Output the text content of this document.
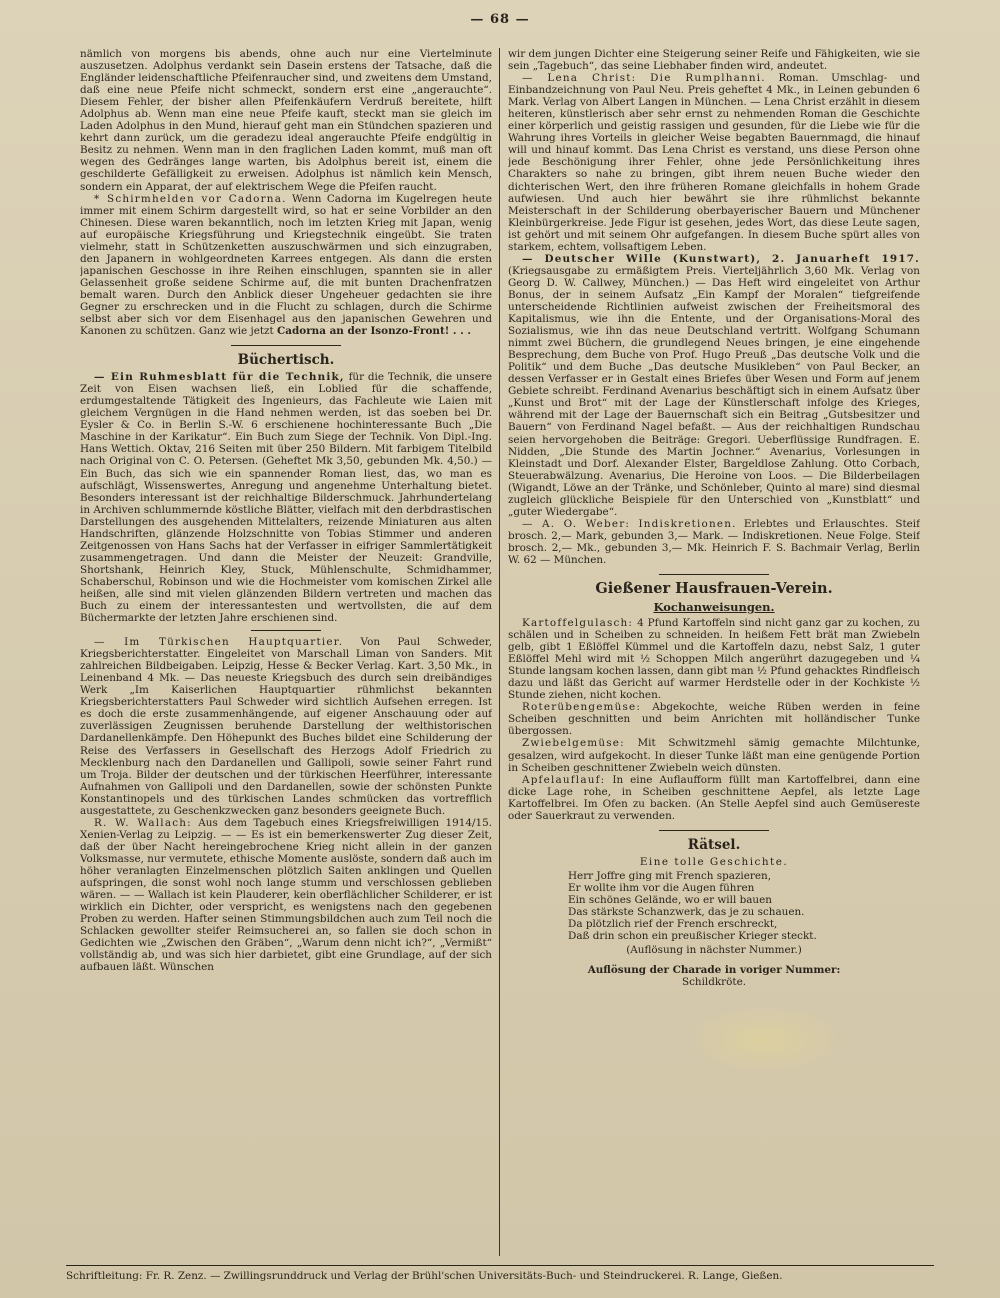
— 68 —

nämlich von morgens bis abends, ohne auch nur eine Viertelminute auszusetzen. Adolphus verdankt sein Dasein erstens der Tatsache, daß die Engländer leidenschaftliche Pfeifenraucher sind, und zweitens dem Umstand, daß eine neue Pfeife nicht schmeckt, sondern erst eine „angerauchte“. Diesem Fehler, der bisher allen Pfeifenkäufern Verdruß bereitete, hilft Adolphus ab. Wenn man eine neue Pfeife kauft, steckt man sie gleich im Laden Adolphus in den Mund, hierauf geht man ein Stündchen spazieren und kehrt dann zurück, um die geradezu ideal angerauchte Pfeife endgültig in Besitz zu nehmen. Wenn man in den fraglichen Laden kommt, muß man oft wegen des Gedränges lange warten, bis Adolphus bereit ist, einem die geschilderte Gefälligkeit zu erweisen. Adolphus ist nämlich kein Mensch, sondern ein Apparat, der auf elektrischem Wege die Pfeifen raucht.

* Schirmhelden vor Cadorna. Wenn Cadorna im Kugelregen heute immer mit einem Schirm dargestellt wird, so hat er seine Vorbilder an den Chinesen. Diese waren bekanntlich, noch im letzten Krieg mit Japan, wenig auf europäische Kriegsführung und Kriegstechnik eingeübt. Sie traten vielmehr, statt in Schützenketten auszuschwärmen und sich einzugraben, den Japanern in wohlgeordneten Karrees entgegen. Als dann die ersten japanischen Geschosse in ihre Reihen einschlugen, spannten sie in aller Gelassenheit große seidene Schirme auf, die mit bunten Drachenfratzen bemalt waren. Durch den Anblick dieser Ungeheuer gedachten sie ihre Gegner zu erschrecken und in die Flucht zu schlagen, durch die Schirme selbst aber sich vor dem Eisenhagel aus den japanischen Gewehren und Kanonen zu schützen. Ganz wie jetzt Cadorna an der Isonzo-Front! . . .

Büchertisch.

— Ein Ruhmesblatt für die Technik, für die Technik, die unsere Zeit von Eisen wachsen ließ, ein Loblied für die schaffende, erdumgestaltende Tätigkeit des Ingenieurs, das Fachleute wie Laien mit gleichem Vergnügen in die Hand nehmen werden, ist das soeben bei Dr. Eysler & Co. in Berlin S.-W. 6 erschienene hochinteressante Buch „Die Maschine in der Karikatur“. Ein Buch zum Siege der Technik. Von Dipl.-Ing. Hans Wettich. Oktav, 216 Seiten mit über 250 Bildern. Mit farbigem Titelbild nach Original von C. O. Petersen. (Geheftet Mk 3,50, gebunden Mk. 4,50.) — Ein Buch, das sich wie ein spannender Roman liest, das, wo man es aufschlägt, Wissenswertes, Anregung und angenehme Unterhaltung bietet. Besonders interessant ist der reichhaltige Bilderschmuck. Jahrhundertelang in Archiven schlummernde köstliche Blätter, vielfach mit den derbdrastischen Darstellungen des ausgehenden Mittelalters, reizende Miniaturen aus alten Handschriften, glänzende Holzschnitte von Tobias Stimmer und anderen Zeitgenossen von Hans Sachs hat der Verfasser in eifriger Sammlertätigkeit zusammengetragen. Und dann die Meister der Neuzeit: Grandville, Shortshank, Heinrich Kley, Stuck, Mühlenschulte, Schmidhammer, Schaberschul, Robinson und wie die Hochmeister vom komischen Zirkel alle heißen, alle sind mit vielen glänzenden Bildern vertreten und machen das Buch zu einem der interessantesten und wertvollsten, die auf dem Büchermarkte der letzten Jahre erschienen sind.

— Im Türkischen Hauptquartier. Von Paul Schweder, Kriegsberichterstatter. Eingeleitet von Marschall Liman von Sanders. Mit zahlreichen Bildbeigaben. Leipzig, Hesse & Becker Verlag. Kart. 3,50 Mk., in Leinenband 4 Mk. — Das neueste Kriegsbuch des durch sein dreibändiges Werk „Im Kaiserlichen Hauptquartier rühmlichst bekannten Kriegsberichterstatters Paul Schweder wird sichtlich Aufsehen erregen. Ist es doch die erste zusammenhängende, auf eigener Anschauung oder auf zuverlässigen Zeugnissen beruhende Darstellung der welthistorischen Dardanellenkämpfe. Den Höhepunkt des Buches bildet eine Schilderung der Reise des Verfassers in Gesellschaft des Herzogs Adolf Friedrich zu Mecklenburg nach den Dardanellen und Gallipoli, sowie seiner Fahrt rund um Troja. Bilder der deutschen und der türkischen Heerführer, interessante Aufnahmen von Gallipoli und den Dardanellen, sowie der schönsten Punkte Konstantinopels und des türkischen Landes schmücken das vortrefflich ausgestattete, zu Geschenkzwecken ganz besonders geeignete Buch.

R. W. Wallach: Aus dem Tagebuch eines Kriegsfreiwilligen 1914/15. Xenien-Verlag zu Leipzig. — — Es ist ein bemerkenswerter Zug dieser Zeit, daß der über Nacht hereingebrochene Krieg nicht allein in der ganzen Volksmasse, nur vermutete, ethische Momente auslöste, sondern daß auch im höher veranlagten Einzelmenschen plötzlich Saiten anklingen und Quellen aufspringen, die sonst wohl noch lange stumm und verschlossen geblieben wären. — — Wallach ist kein Plauderer, kein oberflächlicher Schilderer, er ist wirklich ein Dichter, oder verspricht, es wenigstens nach den gegebenen Proben zu werden. Hafter seinen Stimmungsbildchen auch zum Teil noch die Schlacken gewollter steifer Reimsucherei an, so fallen sie doch schon in Gedichten wie „Zwischen den Gräben“, „Warum denn nicht ich?“, „Vermißt“ vollständig ab, und was sich hier darbietet, gibt eine Grundlage, auf der sich aufbauen läßt. Wünschen

wir dem jungen Dichter eine Steigerung seiner Reife und Fähigkeiten, wie sie sein „Tagebuch“, das seine Liebhaber finden wird, andeutet.

— Lena Christ: Die Rumplhanni. Roman. Umschlag- und Einbandzeichnung von Paul Neu. Preis geheftet 4 Mk., in Leinen gebunden 6 Mark. Verlag von Albert Langen in München. — Lena Christ erzählt in diesem heiteren, künstlerisch aber sehr ernst zu nehmenden Roman die Geschichte einer körperlich und geistig rassigen und gesunden, für die Liebe wie für die Wahrung ihres Vorteils in gleicher Weise begabten Bauernmagd, die hinauf will und hinauf kommt. Das Lena Christ es verstand, uns diese Person ohne jede Beschönigung ihrer Fehler, ohne jede Persönlichkeitung ihres Charakters so nahe zu bringen, gibt ihrem neuen Buche wieder den dichterischen Wert, den ihre früheren Romane gleichfalls in hohem Grade aufwiesen. Und auch hier bewährt sie ihre rühmlichst bekannte Meisterschaft in der Schilderung oberbayerischer Bauern und Münchener Kleinbürgerkreise. Jede Figur ist gesehen, jedes Wort, das diese Leute sagen, ist gehört und mit seinem Ohr aufgefangen. In diesem Buche spürt alles von starkem, echtem, vollsaftigem Leben.

— Deutscher Wille (Kunstwart), 2. Januarheft 1917. (Kriegsausgabe zu ermäßigtem Preis. Vierteljährlich 3,60 Mk. Verlag von Georg D. W. Callwey, München.) — Das Heft wird eingeleitet von Arthur Bonus, der in seinem Aufsatz „Ein Kampf der Moralen“ tiefgreifende unterscheidende Richtlinien aufweist zwischen der Freiheitsmoral des Kapitalismus, wie ihn die Entente, und der Organisations-Moral des Sozialismus, wie ihn das neue Deutschland vertritt. Wolfgang Schumann nimmt zwei Büchern, die grundlegend Neues bringen, je eine eingehende Besprechung, dem Buche von Prof. Hugo Preuß „Das deutsche Volk und die Politik“ und dem Buche „Das deutsche Musikleben“ von Paul Becker, an dessen Verfasser er in Gestalt eines Briefes über Wesen und Form auf jenem Gebiete schreibt. Ferdinand Avenarius beschäftigt sich in einem Aufsatz über „Kunst und Brot“ mit der Lage der Künstlerschaft infolge des Krieges, während mit der Lage der Bauernschaft sich ein Beitrag „Gutsbesitzer und Bauern“ von Ferdinand Nagel befaßt. — Aus der reichhaltigen Rundschau seien hervorgehoben die Beiträge: Gregori. Ueberflüssige Rundfragen. E. Nidden, „Die Stunde des Martin Jochner.“ Avenarius, Vorlesungen in Kleinstadt und Dorf. Alexander Elster, Bargeldlose Zahlung. Otto Corbach, Steuerabwälzung. Avenarius, Die Heroine von Loos. — Die Bilderbeilagen (Wigandt, Löwe an der Tränke, und Schönleber, Quinto al mare) sind diesmal zugleich glückliche Beispiele für den Unterschied von „Kunstblatt“ und „guter Wiedergabe“.

— A. O. Weber: Indiskretionen. Erlebtes und Erlauschtes. Steif brosch. 2,— Mark, gebunden 3,— Mark. — Indiskretionen. Neue Folge. Steif brosch. 2,— Mk., gebunden 3,— Mk. Heinrich F. S. Bachmair Verlag, Berlin W. 62 — München.

Gießener Hausfrauen-Verein.
Kochanweisungen.

Kartoffelgulasch: 4 Pfund Kartoffeln sind nicht ganz gar zu kochen, zu schälen und in Scheiben zu schneiden. In heißem Fett brät man Zwiebeln gelb, gibt 1 Eßlöffel Kümmel und die Kartoffeln dazu, nebst Salz, 1 guter Eßlöffel Mehl wird mit ½ Schoppen Milch angerührt dazugegeben und ¼ Stunde langsam kochen lassen, dann gibt man ½ Pfund gehacktes Rindfleisch dazu und läßt das Gericht auf warmer Herdstelle oder in der Kochkiste ½ Stunde ziehen, nicht kochen.

Roterübengemüse: Abgekochte, weiche Rüben werden in feine Scheiben geschnitten und beim Anrichten mit holländischer Tunke übergossen.

Zwiebelgemüse: Mit Schwitzmehl sämig gemachte Milchtunke, gesalzen, wird aufgekocht. In dieser Tunke läßt man eine genügende Portion in Scheiben geschnittener Zwiebeln weich dünsten.

Apfelauflauf: In eine Auflaufform füllt man Kartoffelbrei, dann eine dicke Lage rohe, in Scheiben geschnittene Aepfel, als letzte Lage Kartoffelbrei. Im Ofen zu backen. (An Stelle Aepfel sind auch Gemüsereste oder Sauerkraut zu verwenden.

Rätsel.
Eine tolle Geschichte.
Herr Joffre ging mit French spazieren,
Er wollte ihm vor die Augen führen
Ein schönes Gelände, wo er will bauen
Das stärkste Schanzwerk, das je zu schauen.
Da plötzlich rief der French erschreckt,
Daß drin schon ein preußischer Krieger steckt.
(Auflösung in nächster Nummer.)
Auflösung der Charade in voriger Nummer:
Schildkröte.
Schriftleitung: Fr. R. Zenz. — Zwillingsrunddruck und Verlag der Brühl'schen Universitäts-Buch- und Steindruckerei. R. Lange, Gießen.
